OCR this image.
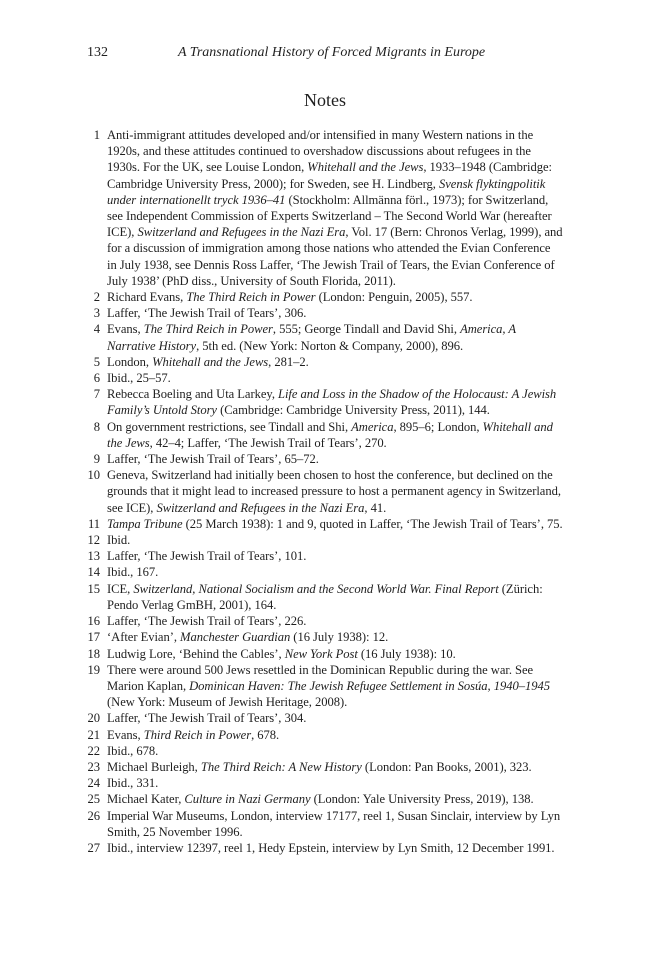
132	A Transnational History of Forced Migrants in Europe
Notes
1 Anti-immigrant attitudes developed and/or intensified in many Western nations in the 1920s, and these attitudes continued to overshadow discussions about refugees in the 1930s. For the UK, see Louise London, Whitehall and the Jews, 1933–1948 (Cambridge: Cambridge University Press, 2000); for Sweden, see H. Lindberg, Svensk flyktingpolitik under internationellt tryck 1936–41 (Stockholm: Allmänna förl., 1973); for Switzerland, see Independent Commission of Experts Switzerland – The Second World War (hereafter ICE), Switzerland and Refugees in the Nazi Era, Vol. 17 (Bern: Chronos Verlag, 1999), and for a discussion of immigration among those nations who attended the Evian Conference in July 1938, see Dennis Ross Laffer, ‘The Jewish Trail of Tears, the Evian Conference of July 1938’ (PhD diss., University of South Florida, 2011).
2 Richard Evans, The Third Reich in Power (London: Penguin, 2005), 557.
3 Laffer, ‘The Jewish Trail of Tears’, 306.
4 Evans, The Third Reich in Power, 555; George Tindall and David Shi, America, A Narrative History, 5th ed. (New York: Norton & Company, 2000), 896.
5 London, Whitehall and the Jews, 281–2.
6 Ibid., 25–57.
7 Rebecca Boeling and Uta Larkey, Life and Loss in the Shadow of the Holocaust: A Jewish Family’s Untold Story (Cambridge: Cambridge University Press, 2011), 144.
8 On government restrictions, see Tindall and Shi, America, 895–6; London, Whitehall and the Jews, 42–4; Laffer, ‘The Jewish Trail of Tears’, 270.
9 Laffer, ‘The Jewish Trail of Tears’, 65–72.
10 Geneva, Switzerland had initially been chosen to host the conference, but declined on the grounds that it might lead to increased pressure to host a permanent agency in Switzerland, see ICE), Switzerland and Refugees in the Nazi Era, 41.
11 Tampa Tribune (25 March 1938): 1 and 9, quoted in Laffer, ‘The Jewish Trail of Tears’, 75.
12 Ibid.
13 Laffer, ‘The Jewish Trail of Tears’, 101.
14 Ibid., 167.
15 ICE, Switzerland, National Socialism and the Second World War. Final Report (Zürich: Pendo Verlag GmBH, 2001), 164.
16 Laffer, ‘The Jewish Trail of Tears’, 226.
17 ‘After Evian’, Manchester Guardian (16 July 1938): 12.
18 Ludwig Lore, ‘Behind the Cables’, New York Post (16 July 1938): 10.
19 There were around 500 Jews resettled in the Dominican Republic during the war. See Marion Kaplan, Dominican Haven: The Jewish Refugee Settlement in Sosúa, 1940–1945 (New York: Museum of Jewish Heritage, 2008).
20 Laffer, ‘The Jewish Trail of Tears’, 304.
21 Evans, Third Reich in Power, 678.
22 Ibid., 678.
23 Michael Burleigh, The Third Reich: A New History (London: Pan Books, 2001), 323.
24 Ibid., 331.
25 Michael Kater, Culture in Nazi Germany (London: Yale University Press, 2019), 138.
26 Imperial War Museums, London, interview 17177, reel 1, Susan Sinclair, interview by Lyn Smith, 25 November 1996.
27 Ibid., interview 12397, reel 1, Hedy Epstein, interview by Lyn Smith, 12 December 1991.
